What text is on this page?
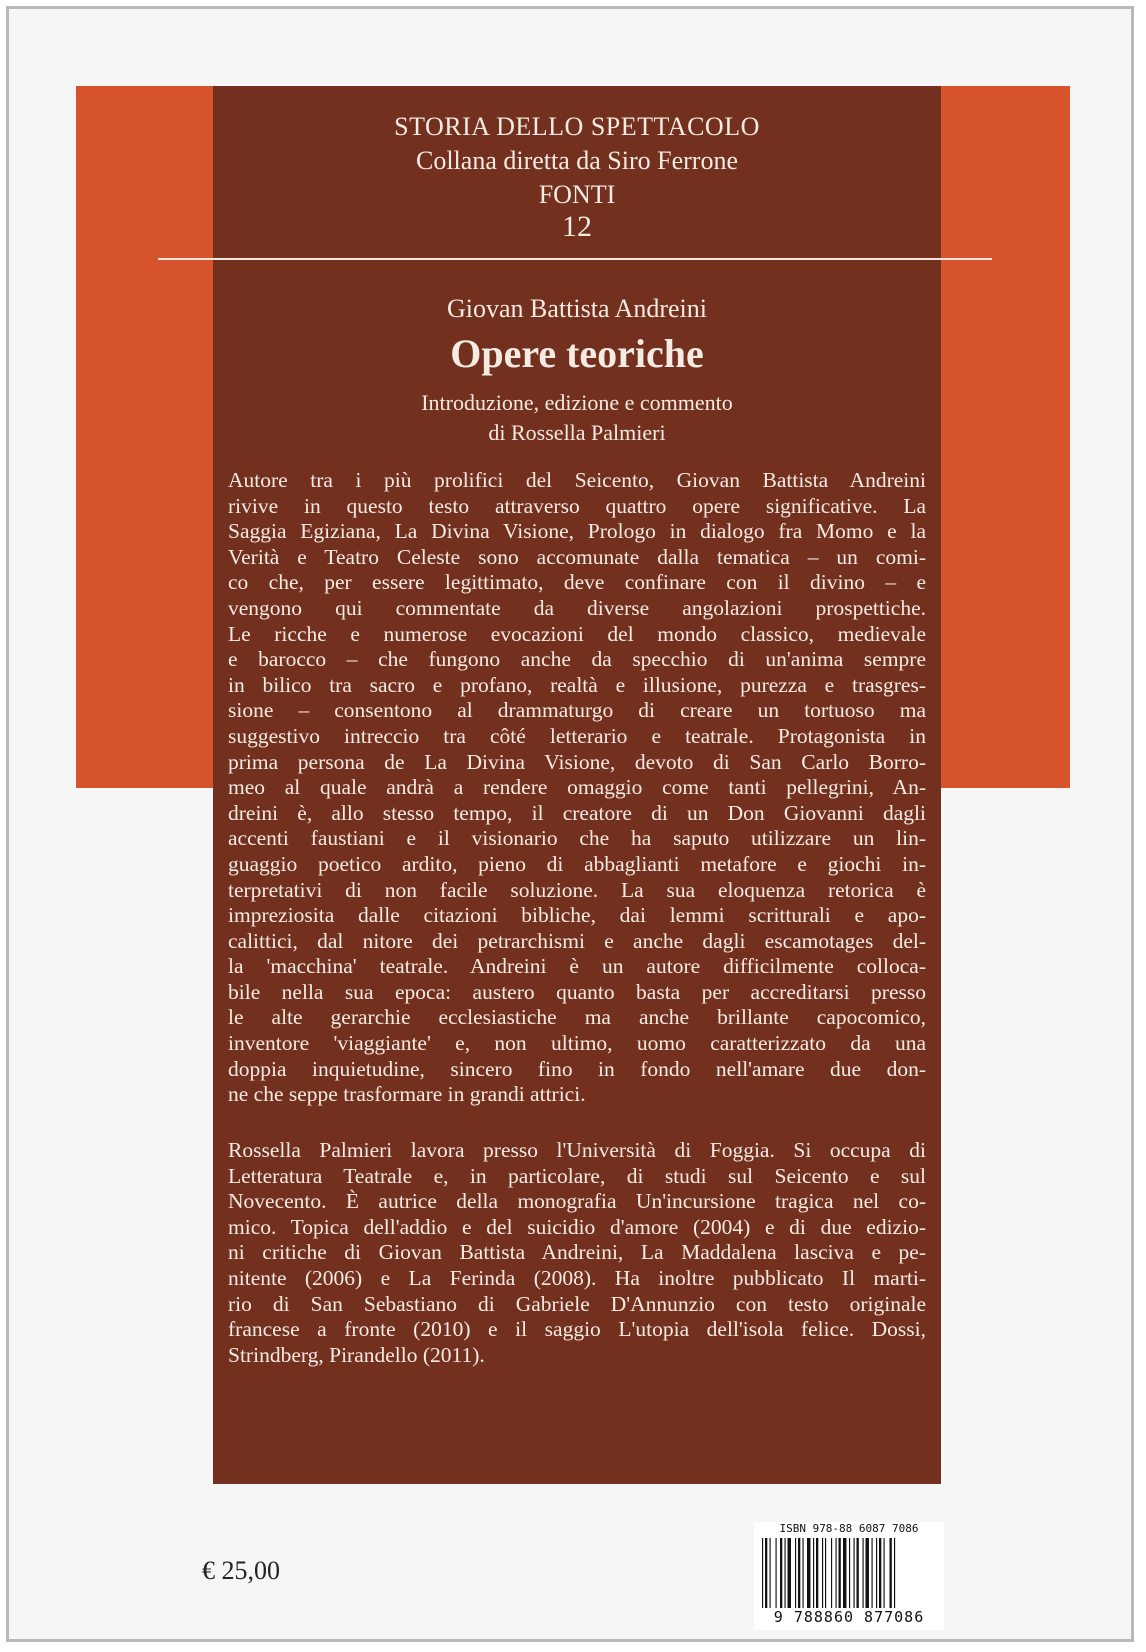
STORIA DELLO SPETTACOLO
Collana diretta da Siro Ferrone
FONTI
12
Giovan Battista Andreini
Opere teoriche
Introduzione, edizione e commento
di Rossella Palmieri
Autore tra i più prolifici del Seicento, Giovan Battista Andreini
rivive in questo testo attraverso quattro opere significative. La
Saggia Egiziana, La Divina Visione, Prologo in dialogo fra Momo e la
Verità e Teatro Celeste sono accomunate dalla tematica – un comi-
co che, per essere legittimato, deve confinare con il divino – e
vengono qui commentate da diverse angolazioni prospettiche.
Le ricche e numerose evocazioni del mondo classico, medievale
e barocco – che fungono anche da specchio di un'anima sempre
in bilico tra sacro e profano, realtà e illusione, purezza e trasgres-
sione – consentono al drammaturgo di creare un tortuoso ma
suggestivo intreccio tra côté letterario e teatrale. Protagonista in
prima persona de La Divina Visione, devoto di San Carlo Borro-
meo al quale andrà a rendere omaggio come tanti pellegrini, An-
dreini è, allo stesso tempo, il creatore di un Don Giovanni dagli
accenti faustiani e il visionario che ha saputo utilizzare un lin-
guaggio poetico ardito, pieno di abbaglianti metafore e giochi in-
terpretativi di non facile soluzione. La sua eloquenza retorica è
impreziosita dalle citazioni bibliche, dai lemmi scritturali e apo-
calittici, dal nitore dei petrarchismi e anche dagli escamotages del-
la 'macchina' teatrale. Andreini è un autore difficilmente colloca-
bile nella sua epoca: austero quanto basta per accreditarsi presso
le alte gerarchie ecclesiastiche ma anche brillante capocomico,
inventore 'viaggiante' e, non ultimo, uomo caratterizzato da una
doppia inquietudine, sincero fino in fondo nell'amare due don-
ne che seppe trasformare in grandi attrici.
Rossella Palmieri lavora presso l'Università di Foggia. Si occupa di
Letteratura Teatrale e, in particolare, di studi sul Seicento e sul
Novecento. È autrice della monografia Un'incursione tragica nel co-
mico. Topica dell'addio e del suicidio d'amore (2004) e di due edizio-
ni critiche di Giovan Battista Andreini, La Maddalena lasciva e pe-
nitente (2006) e La Ferinda (2008). Ha inoltre pubblicato Il marti-
rio di San Sebastiano di Gabriele D'Annunzio con testo originale
francese a fronte (2010) e il saggio L'utopia dell'isola felice. Dossi,
Strindberg, Pirandello (2011).
€ 25,00
ISBN 978-88 6087 7086
9 788860 877086
